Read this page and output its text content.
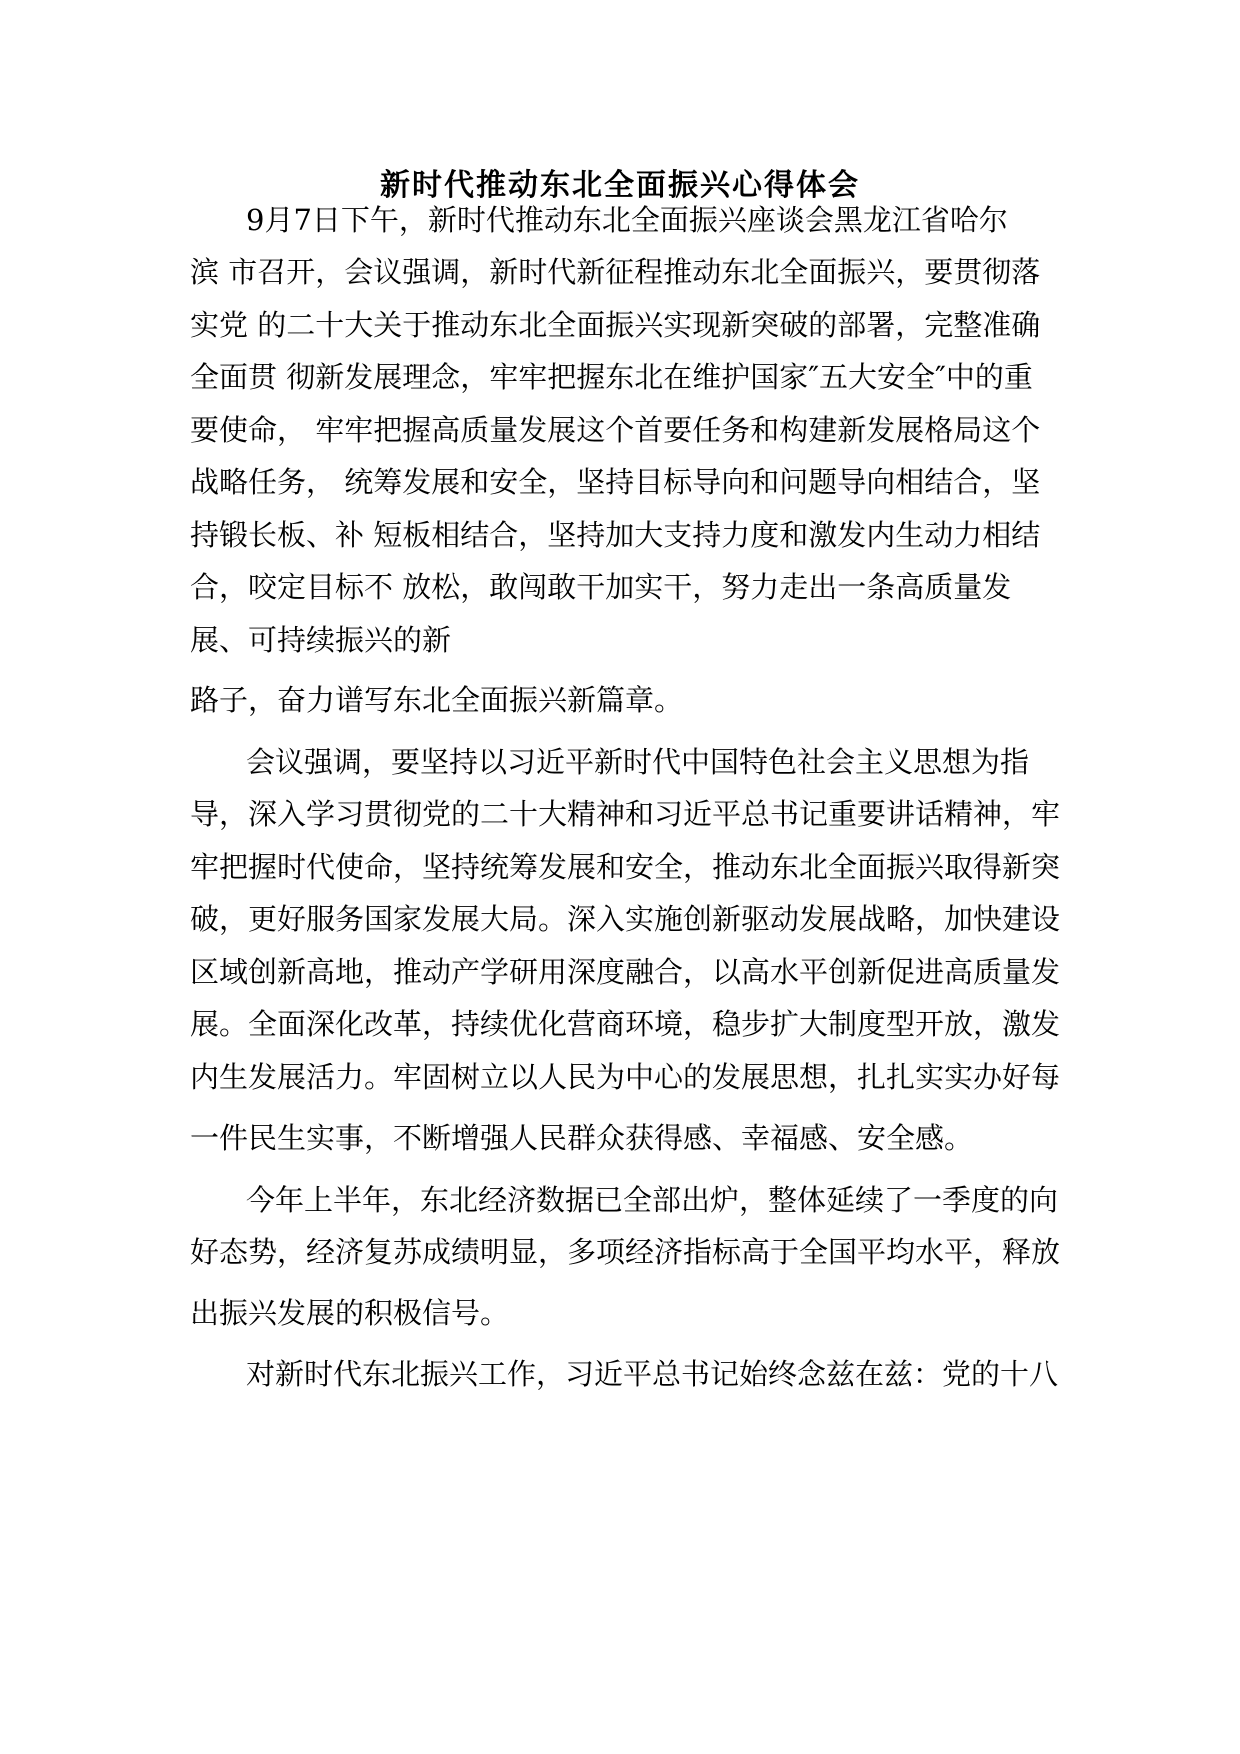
新时代推动东北全面振兴心得体会
9月7日下午，新时代推动东北全面振兴座谈会黑龙江省哈尔
滨 市召开，会议强调，新时代新征程推动东北全面振兴，要贯彻落
实党 的二十大关于推动东北全面振兴实现新突破的部署，完整准确
全面贯 彻新发展理念，牢牢把握东北在维护国家″五大安全″中的重
要使命， 牢牢把握高质量发展这个首要任务和构建新发展格局这个
战略任务， 统筹发展和安全，坚持目标导向和问题导向相结合，坚
持锻长板、补 短板相结合，坚持加大支持力度和激发内生动力相结
合，咬定目标不 放松，敢闯敢干加实干，努力走出一条高质量发
展、可持续振兴的新
路子，奋力谱写东北全面振兴新篇章。
会议强调，要坚持以习近平新时代中国特色社会主义思想为指
导，深入学习贯彻党的二十大精神和习近平总书记重要讲话精神，牢
牢把握时代使命，坚持统筹发展和安全，推动东北全面振兴取得新突
破，更好服务国家发展大局。深入实施创新驱动发展战略，加快建设
区域创新高地，推动产学研用深度融合，以高水平创新促进高质量发
展。全面深化改革，持续优化营商环境，稳步扩大制度型开放，激发
内生发展活力。牢固树立以人民为中心的发展思想，扎扎实实办好每
一件民生实事，不断增强人民群众获得感、幸福感、安全感。
今年上半年，东北经济数据已全部出炉，整体延续了一季度的向
好态势，经济复苏成绩明显，多项经济指标高于全国平均水平，释放
出振兴发展的积极信号。
对新时代东北振兴工作，习近平总书记始终念兹在兹：党的十八
